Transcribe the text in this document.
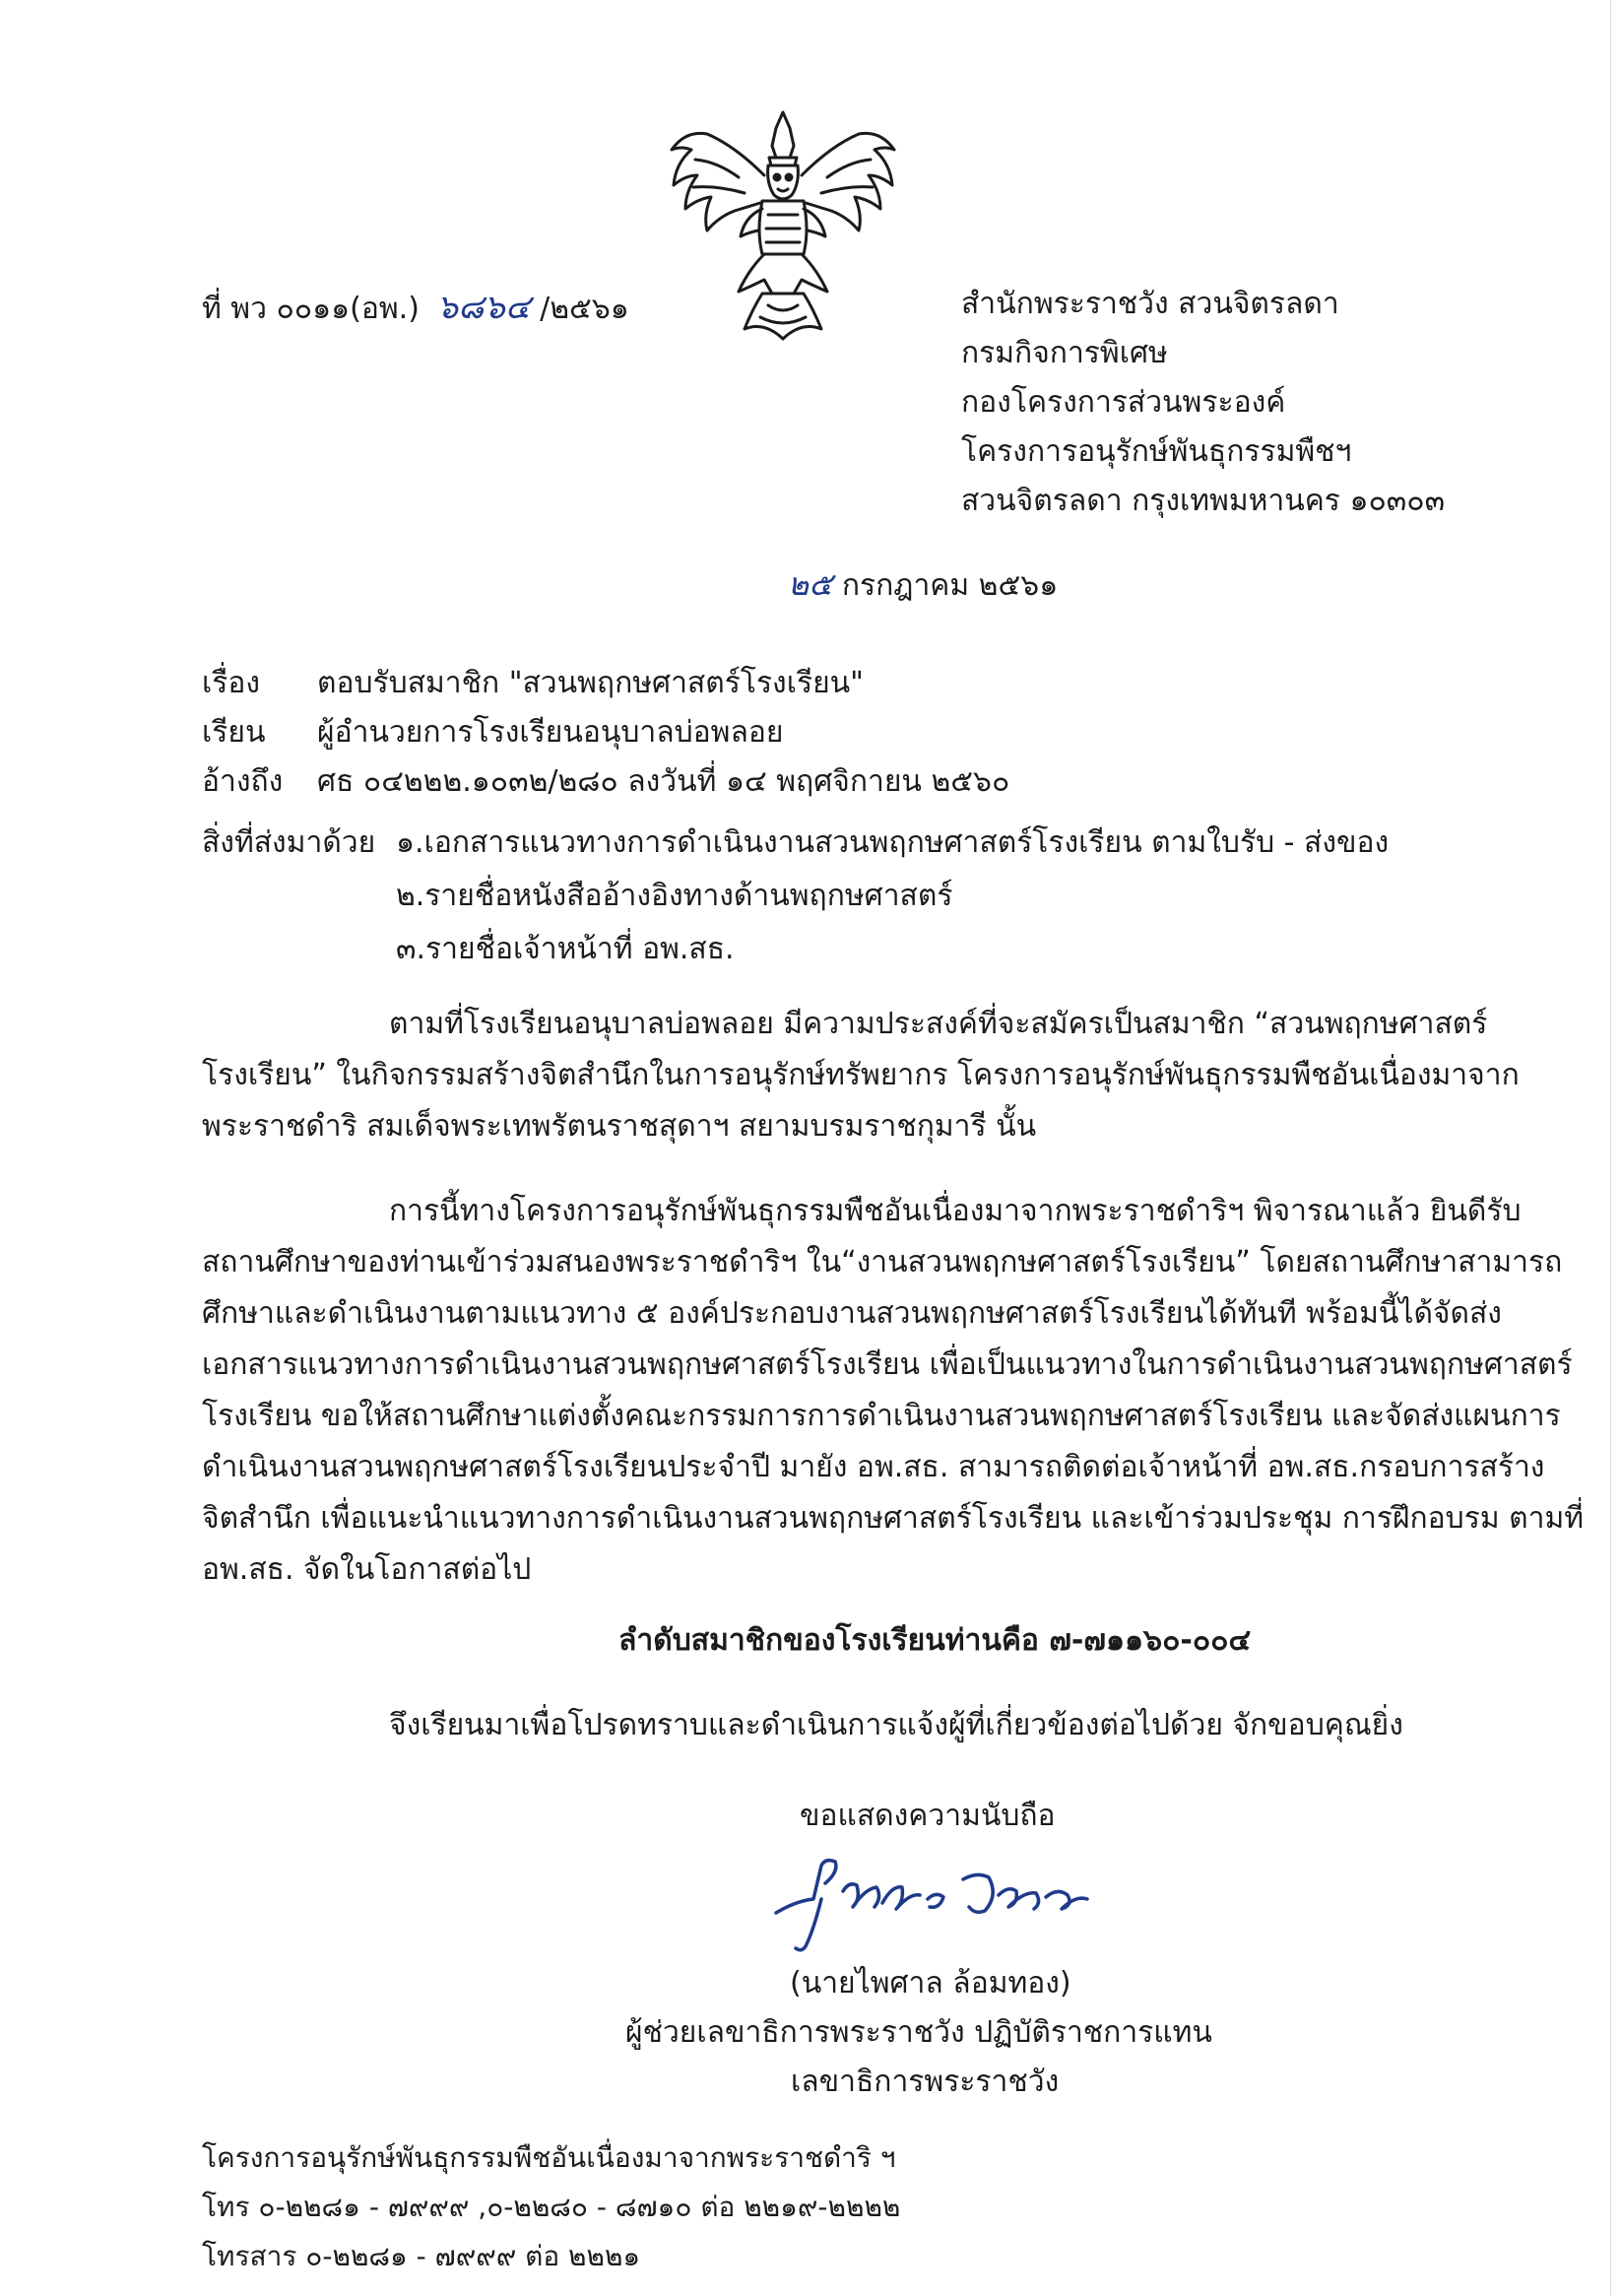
ที่ พว ๐๐๑๑(อพ.) ๖๘๖๔ /๒๕๖๑	สำนักพระราชวัง สวนจิตรลดา
กรมกิจการพิเศษ
กองโครงการส่วนพระองค์
โครงการอนุรักษ์พันธุกรรมพืชฯ
สวนจิตรลดา กรุงเทพมหานคร ๑๐๓๐๓
๒๕ กรกฎาคม ๒๕๖๑
เรื่อง ตอบรับสมาชิก "สวนพฤกษศาสตร์โรงเรียน"
เรียน ผู้อำนวยการโรงเรียนอนุบาลบ่อพลอย
อ้างถึง ศธ ๐๔๒๒๒.๑๐๓๒/๒๘๐ ลงวันที่ ๑๔ พฤศจิกายน ๒๕๖๐
สิ่งที่ส่งมาด้วย ๑.เอกสารแนวทางการดำเนินงานสวนพฤกษศาสตร์โรงเรียน ตามใบรับ - ส่งของ
๒.รายชื่อหนังสืออ้างอิงทางด้านพฤกษศาสตร์
๓.รายชื่อเจ้าหน้าที่ อพ.สธ.
ตามที่โรงเรียนอนุบาลบ่อพลอย มีความประสงค์ที่จะสมัครเป็นสมาชิก “สวนพฤกษศาสตร์
โรงเรียน” ในกิจกรรมสร้างจิตสำนึกในการอนุรักษ์ทรัพยากร โครงการอนุรักษ์พันธุกรรมพืชอันเนื่องมาจาก
พระราชดำริ สมเด็จพระเทพรัตนราชสุดาฯ สยามบรมราชกุมารี นั้น
การนี้ทางโครงการอนุรักษ์พันธุกรรมพืชอันเนื่องมาจากพระราชดำริฯ พิจารณาแล้ว ยินดีรับ
สถานศึกษาของท่านเข้าร่วมสนองพระราชดำริฯ ใน“งานสวนพฤกษศาสตร์โรงเรียน” โดยสถานศึกษาสามารถ
ศึกษาและดำเนินงานตามแนวทาง ๕ องค์ประกอบงานสวนพฤกษศาสตร์โรงเรียนได้ทันที พร้อมนี้ได้จัดส่ง
เอกสารแนวทางการดำเนินงานสวนพฤกษศาสตร์โรงเรียน เพื่อเป็นแนวทางในการดำเนินงานสวนพฤกษศาสตร์
โรงเรียน ขอให้สถานศึกษาแต่งตั้งคณะกรรมการการดำเนินงานสวนพฤกษศาสตร์โรงเรียน และจัดส่งแผนการ
ดำเนินงานสวนพฤกษศาสตร์โรงเรียนประจำปี มายัง อพ.สธ. สามารถติดต่อเจ้าหน้าที่ อพ.สธ.กรอบการสร้าง
จิตสำนึก เพื่อแนะนำแนวทางการดำเนินงานสวนพฤกษศาสตร์โรงเรียน และเข้าร่วมประชุม การฝึกอบรม ตามที่
อพ.สธ. จัดในโอกาสต่อไป
ลำดับสมาชิกของโรงเรียนท่านคือ ๗-๗๑๑๖๐-๐๐๔
จึงเรียนมาเพื่อโปรดทราบและดำเนินการแจ้งผู้ที่เกี่ยวข้องต่อไปด้วย จักขอบคุณยิ่ง
ขอแสดงความนับถือ
(นายไพศาล ล้อมทอง)
ผู้ช่วยเลขาธิการพระราชวัง ปฏิบัติราชการแทน
เลขาธิการพระราชวัง
โครงการอนุรักษ์พันธุกรรมพืชอันเนื่องมาจากพระราชดำริ ฯ
โทร ๐-๒๒๘๑ - ๗๙๙๙ ,๐-๒๒๘๐ - ๘๗๑๐ ต่อ ๒๒๑๙-๒๒๒๒
โทรสาร ๐-๒๒๘๑ - ๗๙๙๙ ต่อ ๒๒๒๑
